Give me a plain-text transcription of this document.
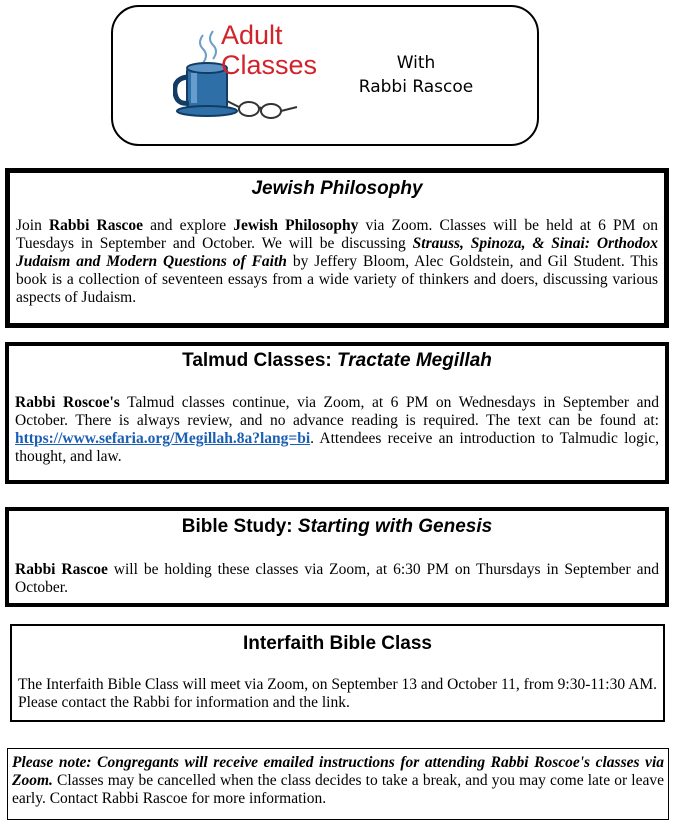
Adult
Classes	With
Rabbi Rascoe
Jewish Philosophy
Join Rabbi Rascoe and explore Jewish Philosophy via Zoom. Classes will be held at 6 PM on Tuesdays in September and October. We will be discussing Strauss, Spinoza, & Sinai: Orthodox Judaism and Modern Questions of Faith by Jeffery Bloom, Alec Goldstein, and Gil Student. This book is a collection of seventeen essays from a wide variety of thinkers and doers, discussing various aspects of Judaism.
Talmud Classes: Tractate Megillah
Rabbi Roscoe's Talmud classes continue, via Zoom, at 6 PM on Wednesdays in September and October. There is always review, and no advance reading is required. The text can be found at: https://www.sefaria.org/Megillah.8a?lang=bi. Attendees receive an introduction to Talmudic logic, thought, and law.
Bible Study: Starting with Genesis
Rabbi Rascoe will be holding these classes via Zoom, at 6:30 PM on Thursdays in September and October.
Interfaith Bible Class
The Interfaith Bible Class will meet via Zoom, on September 13 and October 11, from 9:30-11:30 AM. Please contact the Rabbi for information and the link.
Please note: Congregants will receive emailed instructions for attending Rabbi Roscoe's classes via Zoom. Classes may be cancelled when the class decides to take a break, and you may come late or leave early. Contact Rabbi Rascoe for more information.
